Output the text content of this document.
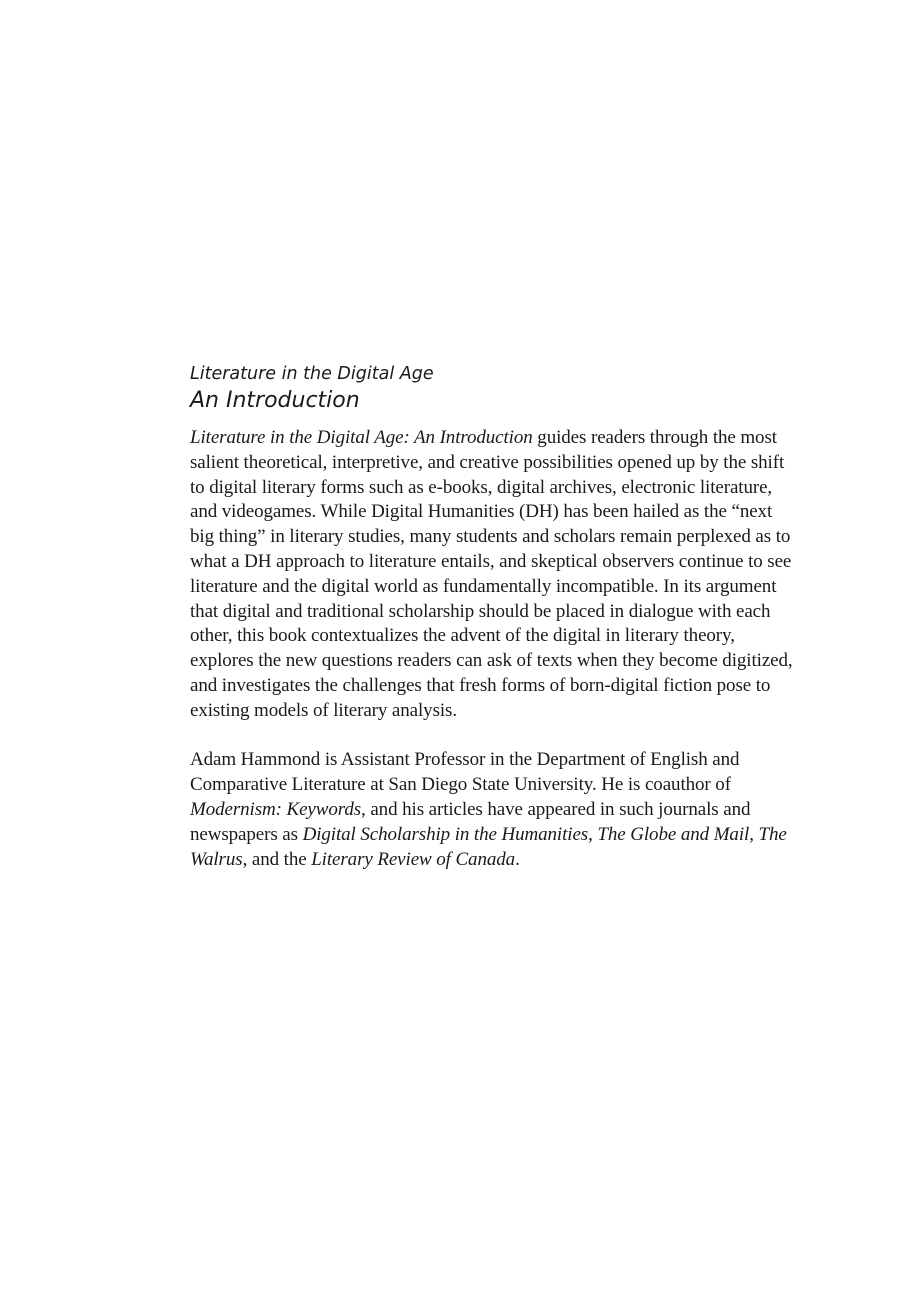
Literature in the Digital Age
An Introduction

Literature in the Digital Age: An Introduction guides readers through the most salient theoretical, interpretive, and creative possibilities opened up by the shift to digital literary forms such as e-books, digital archives, electronic literature, and videogames. While Digital Humanities (DH) has been hailed as the “next big thing” in literary studies, many students and scholars remain perplexed as to what a DH approach to literature entails, and skeptical observers continue to see literature and the digital world as fundamentally incompatible. In its argument that digital and traditional scholarship should be placed in dialogue with each other, this book contextualizes the advent of the digital in literary theory, explores the new questions readers can ask of texts when they become digitized, and investigates the challenges that fresh forms of born-digital fiction pose to existing models of literary analysis.

Adam Hammond is Assistant Professor in the Department of English and Comparative Literature at San Diego State University. He is coauthor of Modernism: Keywords, and his articles have appeared in such journals and newspapers as Digital Scholarship in the Humanities, The Globe and Mail, The Walrus, and the Literary Review of Canada.
